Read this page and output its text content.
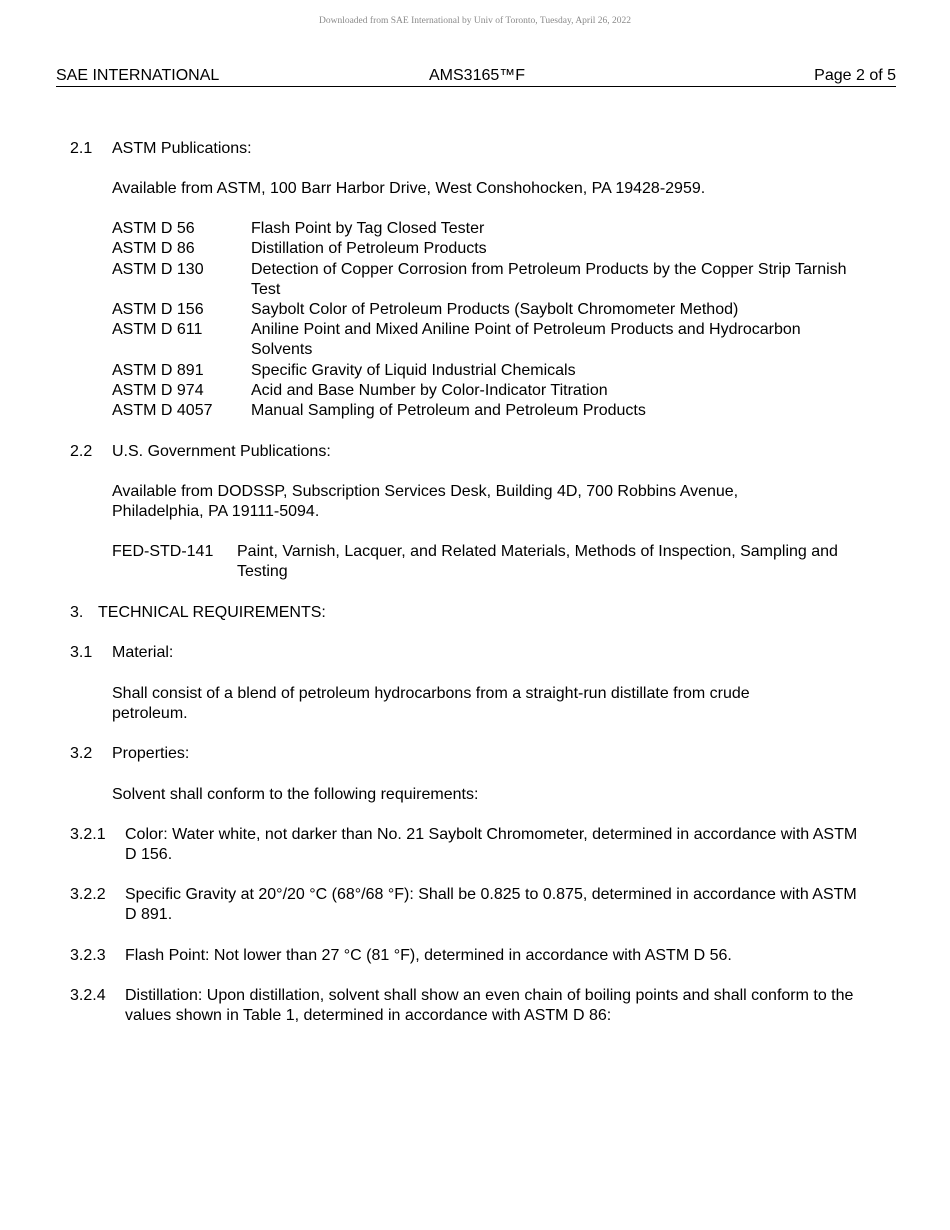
Downloaded from SAE International by Univ of Toronto, Tuesday, April 26, 2022
SAE INTERNATIONAL	AMS3165™F	Page 2 of 5
2.1 ASTM Publications:
Available from ASTM, 100 Barr Harbor Drive, West Conshohocken, PA 19428-2959.
ASTM D 56	Flash Point by Tag Closed Tester
ASTM D 86	Distillation of Petroleum Products
ASTM D 130	Detection of Copper Corrosion from Petroleum Products by the Copper Strip Tarnish Test
ASTM D 156	Saybolt Color of Petroleum Products (Saybolt Chromometer Method)
ASTM D 611	Aniline Point and Mixed Aniline Point of Petroleum Products and Hydrocarbon Solvents
ASTM D 891	Specific Gravity of Liquid Industrial Chemicals
ASTM D 974	Acid and Base Number by Color-Indicator Titration
ASTM D 4057 Manual Sampling of Petroleum and Petroleum Products
2.2 U.S. Government Publications:
Available from DODSSP, Subscription Services Desk, Building 4D, 700 Robbins Avenue, Philadelphia, PA 19111-5094.
FED-STD-141 Paint, Varnish, Lacquer, and Related Materials, Methods of Inspection, Sampling and Testing
3. TECHNICAL REQUIREMENTS:
3.1 Material:
Shall consist of a blend of petroleum hydrocarbons from a straight-run distillate from crude petroleum.
3.2 Properties:
Solvent shall conform to the following requirements:
3.2.1 Color: Water white, not darker than No. 21 Saybolt Chromometer, determined in accordance with ASTM D 156.
3.2.2 Specific Gravity at 20°/20 °C (68°/68 °F): Shall be 0.825 to 0.875, determined in accordance with ASTM D 891.
3.2.3 Flash Point: Not lower than 27 °C (81 °F), determined in accordance with ASTM D 56.
3.2.4 Distillation: Upon distillation, solvent shall show an even chain of boiling points and shall conform to the values shown in Table 1, determined in accordance with ASTM D 86:
